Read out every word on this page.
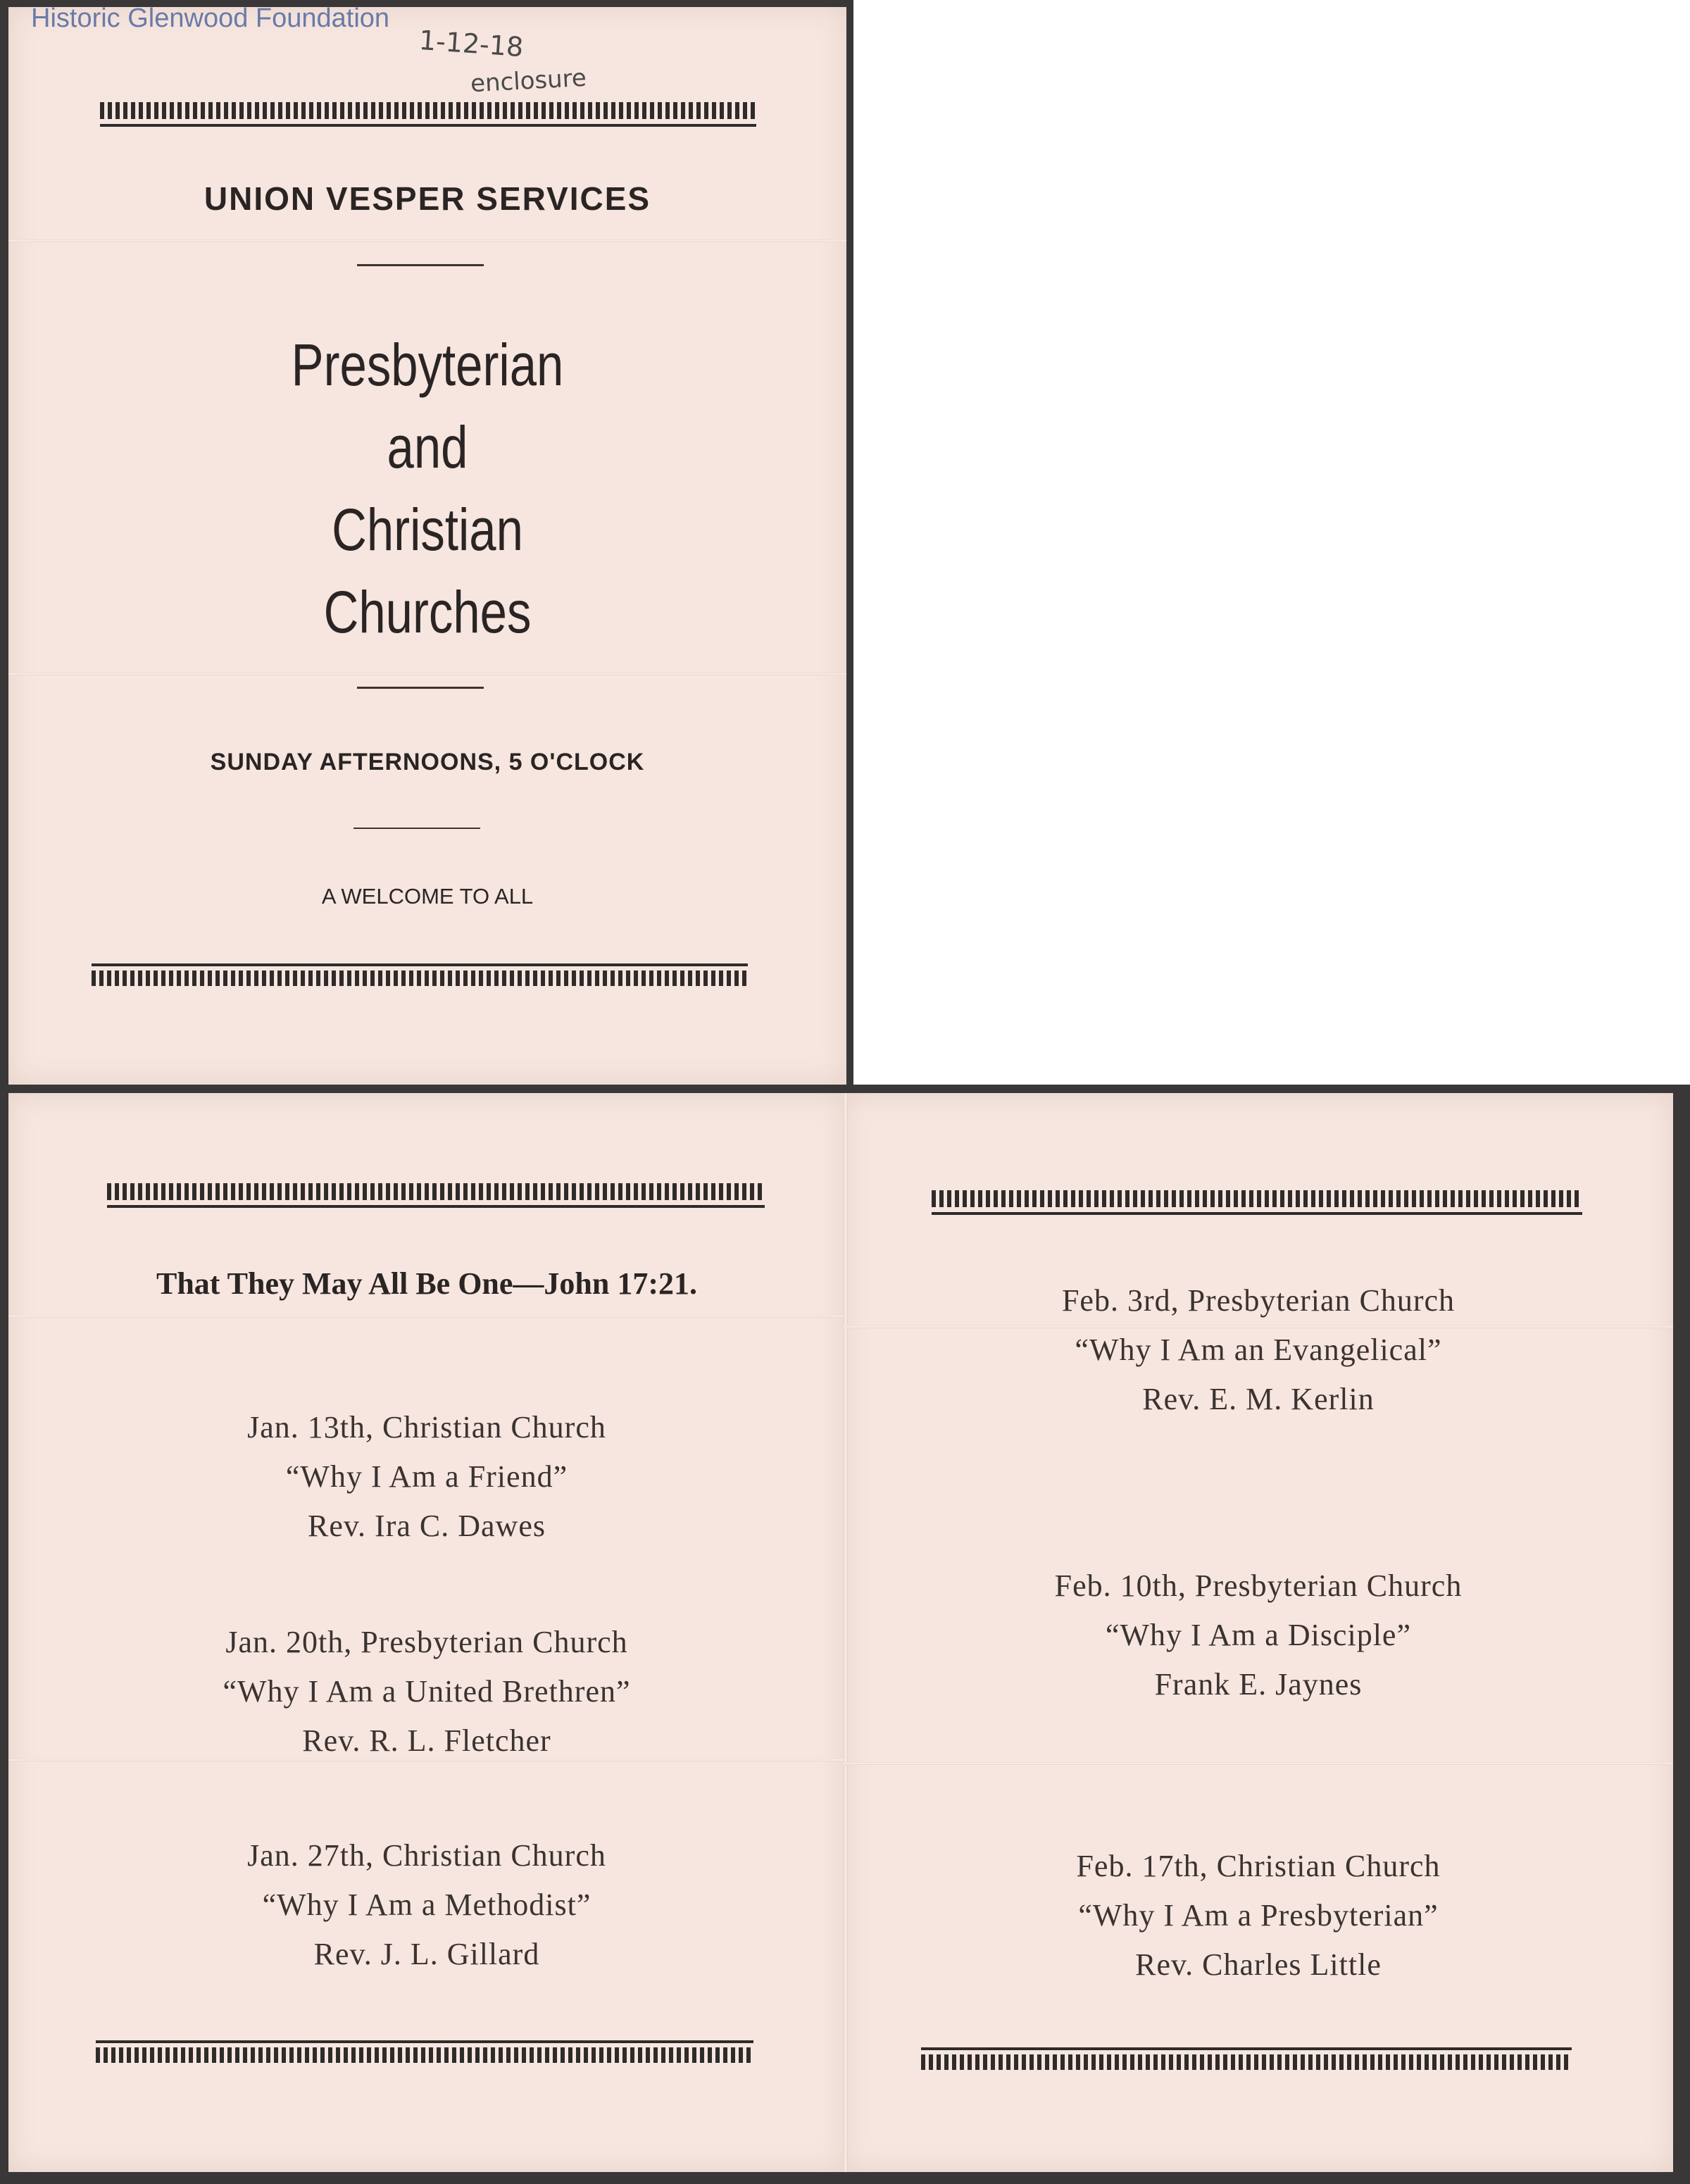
UNION VESPER SERVICES
Presbyterian
and
Christian
Churches
SUNDAY AFTERNOONS, 5 O'CLOCK
A WELCOME TO ALL
Historic Glenwood Foundation
1-12-18
enclosure
That They May All Be One—John 17:21.
Jan. 13th, Christian Church
“Why I Am a Friend”
Rev. Ira C. Dawes
Jan. 20th, Presbyterian Church
“Why I Am a United Brethren”
Rev. R. L. Fletcher
Jan. 27th, Christian Church
“Why I Am a Methodist”
Rev. J. L. Gillard
Feb. 3rd, Presbyterian Church
“Why I Am an Evangelical”
Rev. E. M. Kerlin
Feb. 10th, Presbyterian Church
“Why I Am a Disciple”
Frank E. Jaynes
Feb. 17th, Christian Church
“Why I Am a Presbyterian”
Rev. Charles Little
